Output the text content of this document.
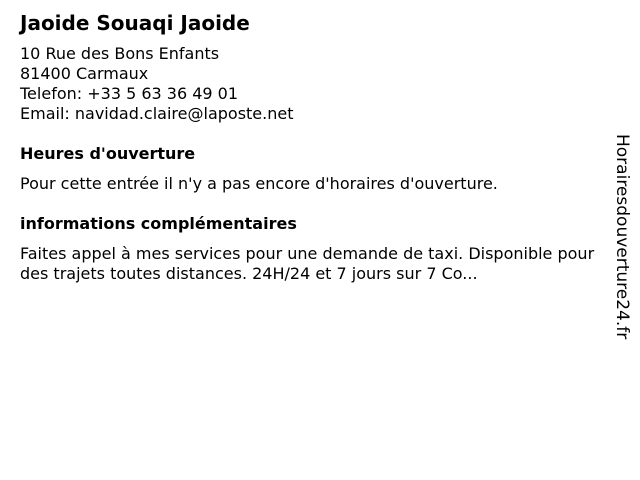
Jaoide Souaqi Jaoide
10 Rue des Bons Enfants
81400 Carmaux
Telefon: +33 5 63 36 49 01
Email: navidad.claire@laposte.net
Heures d'ouverture
Pour cette entrée il n'y a pas encore d'horaires d'ouverture.
informations complémentaires
Faites appel à mes services pour une demande de taxi. Disponible pour des trajets toutes distances. 24H/24 et 7 jours sur 7 Co...	Horairesdouverture24.fr
